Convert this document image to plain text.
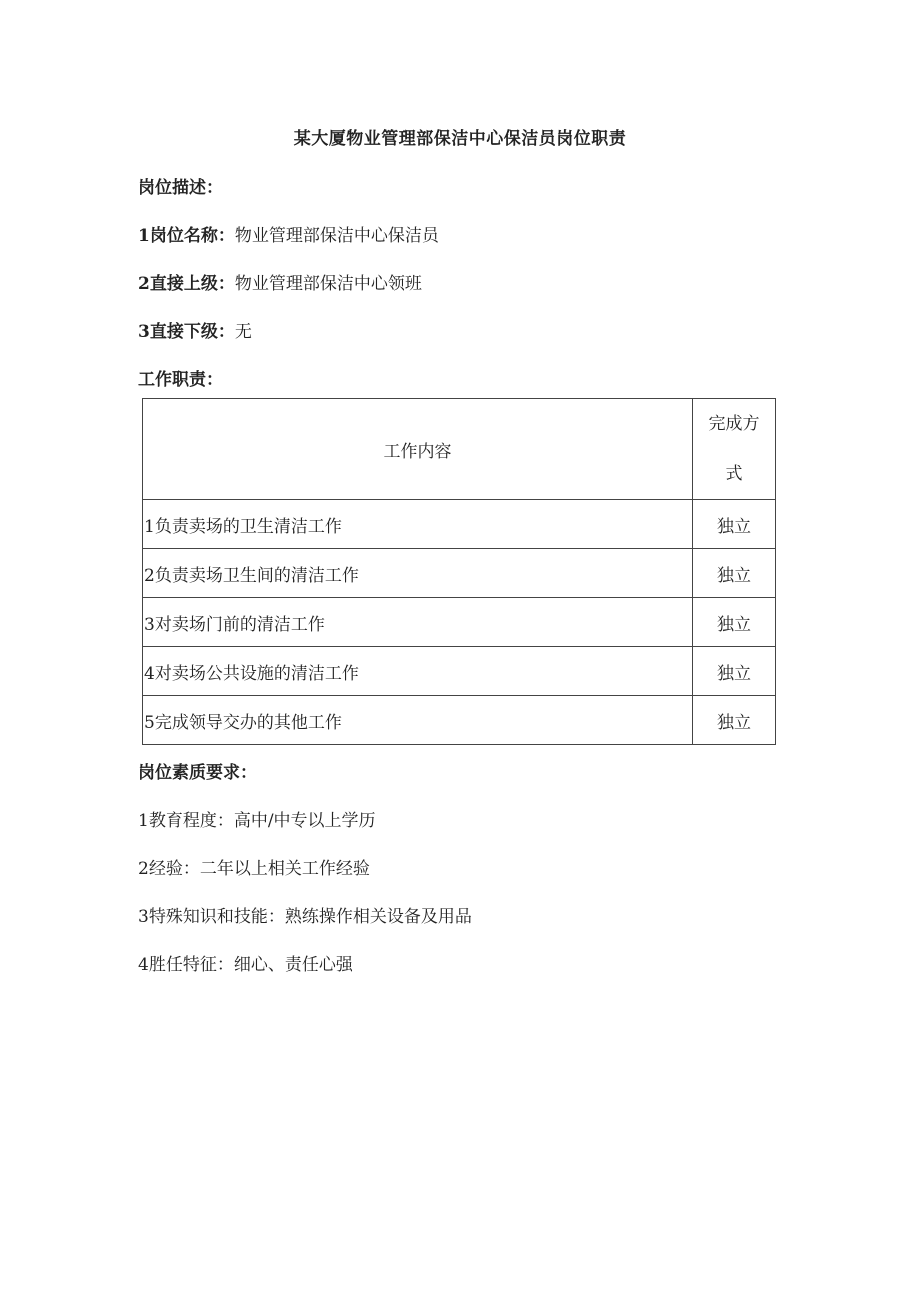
某大厦物业管理部保洁中心保洁员岗位职责
岗位描述：
1岗位名称：物业管理部保洁中心保洁员
2直接上级：物业管理部保洁中心领班
3直接下级：无
工作职责：
工作内容	完成方
式

1负责卖场的卫生清洁工作	独立
2负责卖场卫生间的清洁工作	独立
3对卖场门前的清洁工作	独立
4对卖场公共设施的清洁工作	独立
5完成领导交办的其他工作	独立
岗位素质要求：
1教育程度：高中/中专以上学历
2经验：二年以上相关工作经验
3特殊知识和技能：熟练操作相关设备及用品
4胜任特征：细心、责任心强
